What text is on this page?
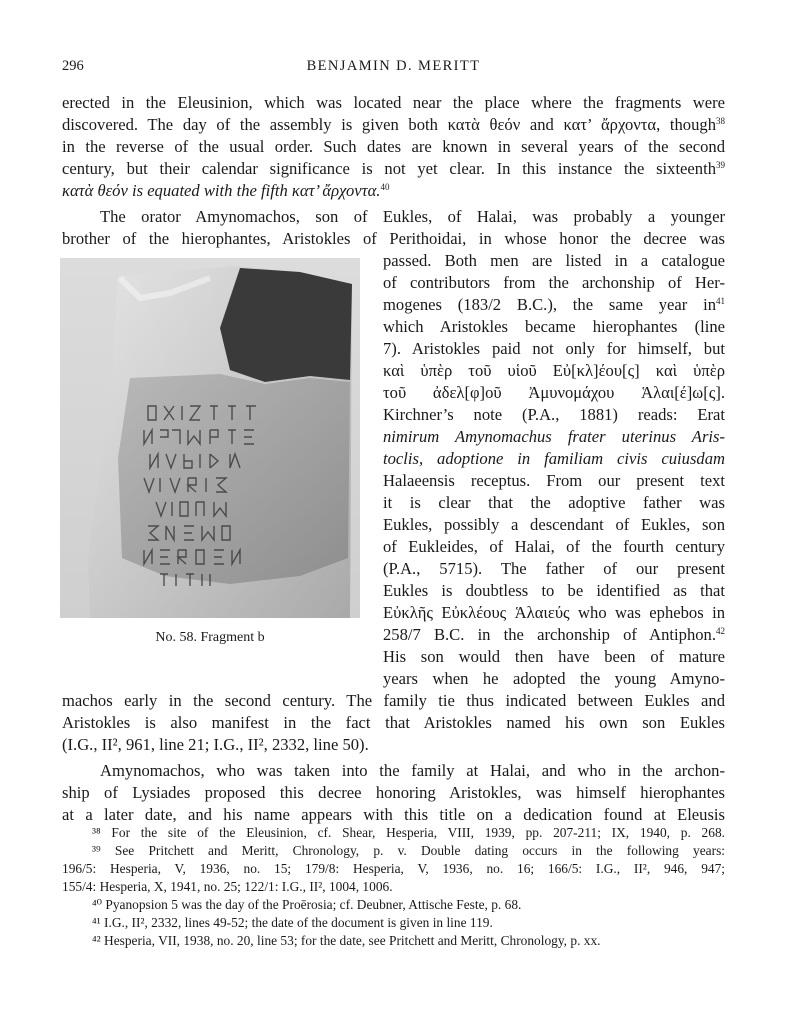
296	BENJAMIN D. MERITT
erected in the Eleusinion, which was located near the place where the fragments were
discovered. The day of the assembly is given both κατὰ θεόν and κατ’ ἄρχοντα, though$^{38}$
in the reverse of the usual order. Such dates are known in several years of the second
century, but their calendar significance is not yet clear. In this instance the sixteenth$^{39}$
κατὰ θεόν is equated with the fifth κατ’ ἄρχοντα.$^{40}$
The orator Amynomachos, son of Eukles, of Halai, was probably a younger
brother of the hierophantes, Aristokles of Perithoidai, in whose honor the decree was
passed. Both men are listed in a catalogue
of contributors from the archonship of Her-
mogenes (183/2 B.C.), the same year $in^{41}$
which Aristokles became hierophantes (line
7). Aristokles paid not only for himself, but
καὶ ὑπὲρ τοῦ υἱοῦ Εὐ[κλ]έου[ς] καὶ ὑπὲρ
τοῦ ἀδελ[φ]οῦ Ἀμυνομάχου Ἁλαι[έ]ω[ς].
Kirchner’s note (P.A., 1881) reads: Erat
nimirum Amynomachus frater uterinus Aris-
toclis, adoptione in familiam civis cuiusdam
Halaeensis receptus. From our present text
it is clear that the adoptive father was
Eukles, possibly a descendant of Eukles, son
of Eukleides, of Halai, of the fourth century
(P.A., 5715). The father of our present
Eukles is doubtless to be identified as that
Εὐκλῆς Εὐκλέους Ἁλαιεύς who was ephebos in
258/7 B.C. in the archonship of Antiphon.$^{42}$
His son would then have been of mature
years when he adopted the young Amyno-
machos early in the second century. The family tie thus indicated between Eukles and
Aristokles is also manifest in the fact that Aristokles named his own son Eukles
(I.G., II², 961, line 21; I.G., II², 2332, line 50).
Amynomachos, who was taken into the family at Halai, and who in the archon-
ship of Lysiades proposed this decree honoring Aristokles, was himself hierophantes
at a later date, and his name appears with this title on a dedication found at Eleusis
No. 58. Fragment b
³⁸ For the site of the Eleusinion, cf. Shear, Hesperia, VIII, 1939, pp. 207-211; IX, 1940, p. 268.
³⁹ See Pritchett and Meritt, Chronology, p. v. Double dating occurs in the following years:
196/5: Hesperia, V, 1936, no. 15; 179/8: Hesperia, V, 1936, no. 16; 166/5: I.G., II², 946, 947;
155/4: Hesperia, X, 1941, no. 25; 122/1: I.G., II², 1004, 1006.
⁴⁰ Pyanopsion 5 was the day of the Proērosia; cf. Deubner, Attische Feste, p. 68.
⁴¹ I.G., II², 2332, lines 49-52; the date of the document is given in line 119.
⁴² Hesperia, VII, 1938, no. 20, line 53; for the date, see Pritchett and Meritt, Chronology, p. xx.
